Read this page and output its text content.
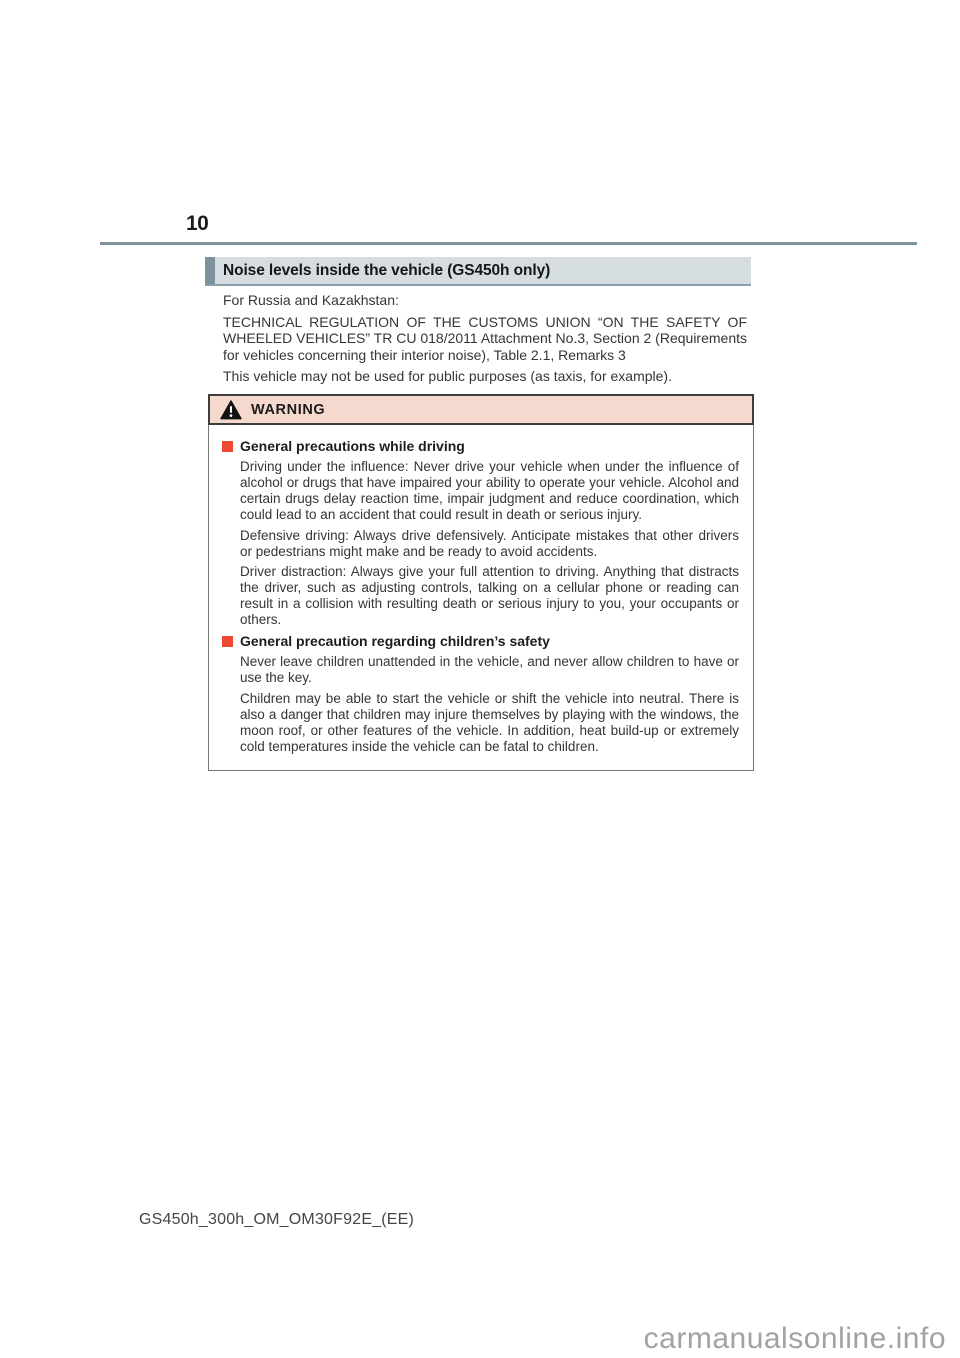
10
Noise levels inside the vehicle (GS450h only)

For Russia and Kazakhstan:

TECHNICAL REGULATION OF THE CUSTOMS UNION “ON THE SAFETY OF WHEELED VEHICLES” TR CU 018/2011 Attachment No.3, Section 2 (Requirements for vehicles concerning their interior noise), Table 2.1, Remarks 3

This vehicle may not be used for public purposes (as taxis, for example).

WARNING
General precautions while driving

Driving under the influence: Never drive your vehicle when under the influence of alcohol or drugs that have impaired your ability to operate your vehicle. Alcohol and certain drugs delay reaction time, impair judgment and reduce coordination, which could lead to an accident that could result in death or serious injury.

Defensive driving: Always drive defensively. Anticipate mistakes that other drivers or pedestrians might make and be ready to avoid accidents.

Driver distraction: Always give your full attention to driving. Anything that distracts the driver, such as adjusting controls, talking on a cellular phone or reading can result in a collision with resulting death or serious injury to you, your occupants or others.

General precaution regarding children’s safety

Never leave children unattended in the vehicle, and never allow children to have or use the key.

Children may be able to start the vehicle or shift the vehicle into neutral. There is also a danger that children may injure themselves by playing with the windows, the moon roof, or other features of the vehicle. In addition, heat build-up or extremely cold temperatures inside the vehicle can be fatal to children.

GS450h_300h_OM_OM30F92E_(EE)
carmanualsonline.info
